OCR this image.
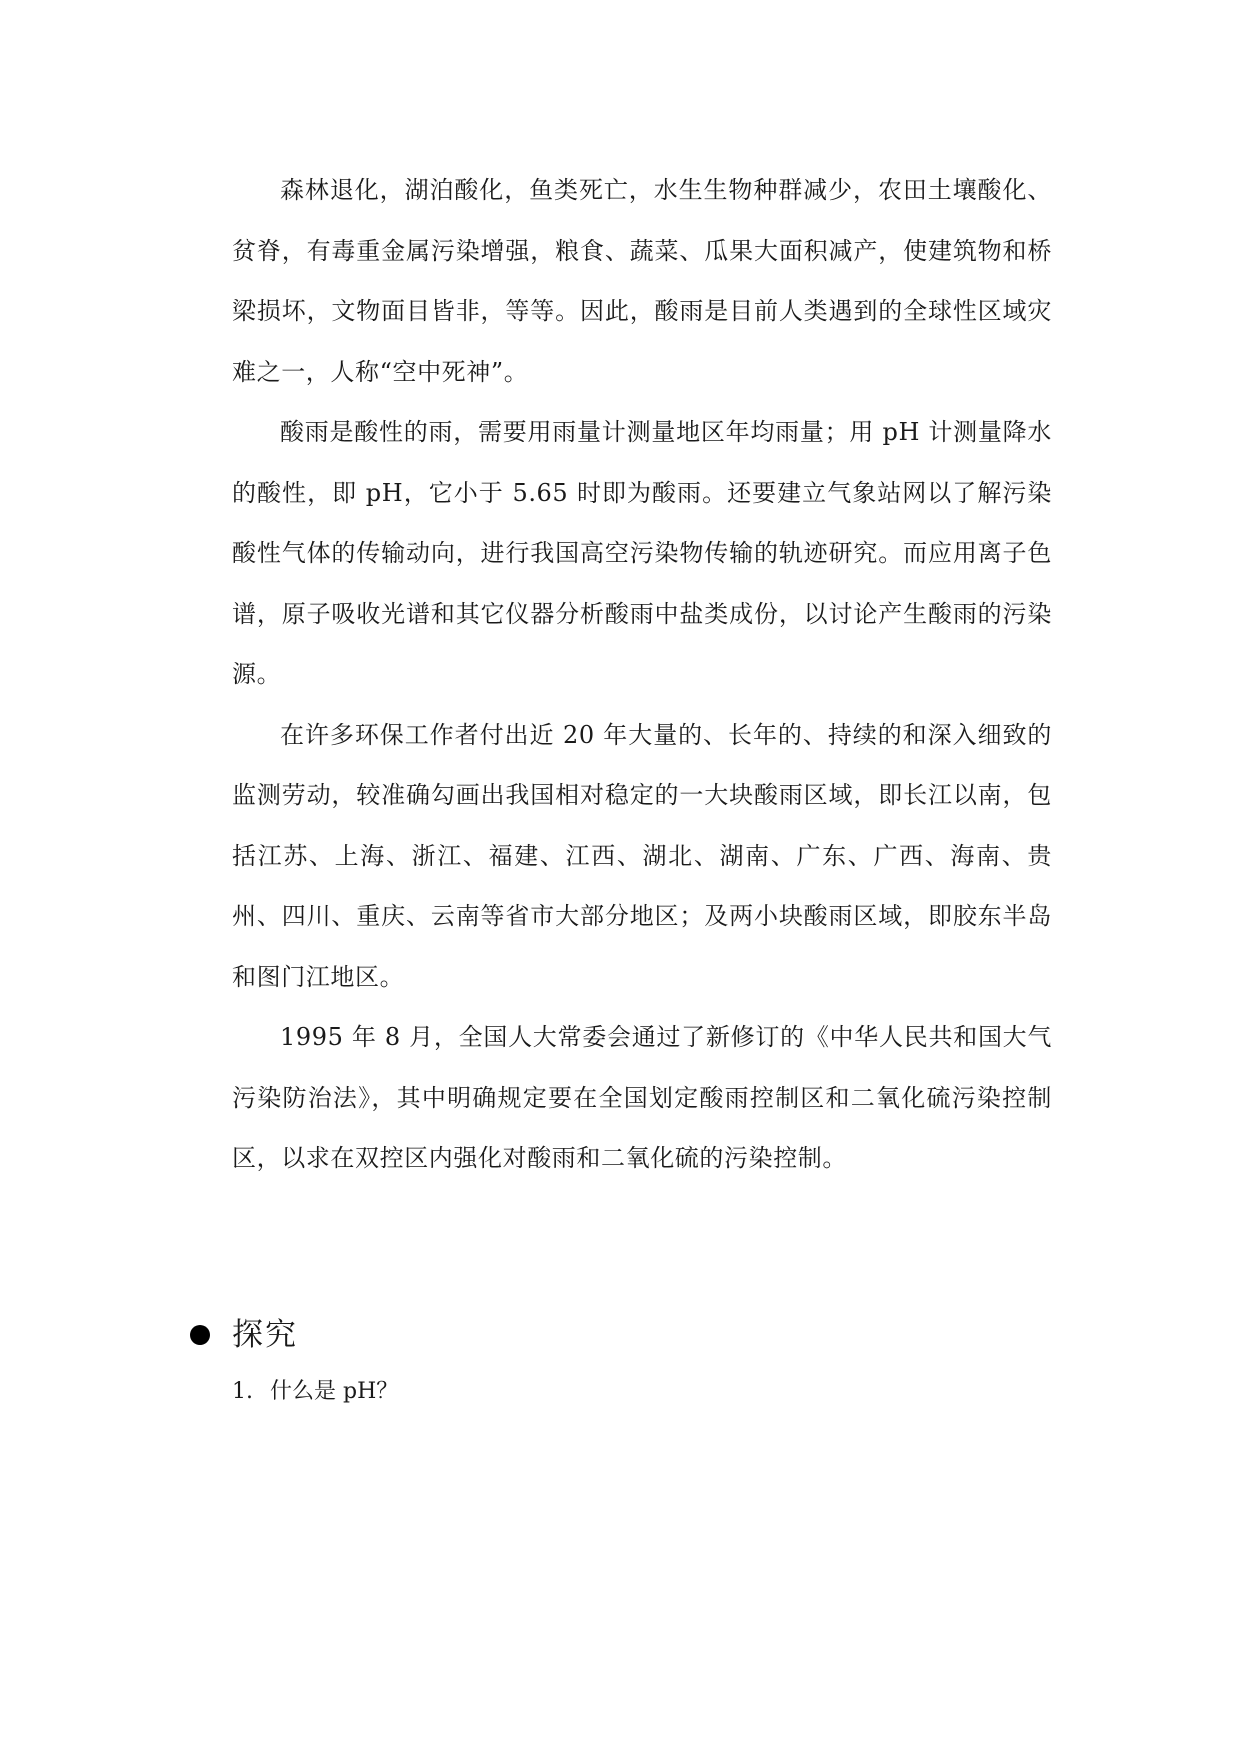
森林退化，湖泊酸化，鱼类死亡，水生生物种群减少，农田土壤酸化、贫脊，有毒重金属污染增强，粮食、蔬菜、瓜果大面积减产，使建筑物和桥梁损坏，文物面目皆非，等等。因此，酸雨是目前人类遇到的全球性区域灾难之一，人称“空中死神”。

酸雨是酸性的雨，需要用雨量计测量地区年均雨量；用 pH 计测量降水的酸性，即 pH，它小于 5.65 时即为酸雨。还要建立气象站网以了解污染酸性气体的传输动向，进行我国高空污染物传输的轨迹研究。而应用离子色谱，原子吸收光谱和其它仪器分析酸雨中盐类成份，以讨论产生酸雨的污染源。

在许多环保工作者付出近 20 年大量的、长年的、持续的和深入细致的监测劳动，较准确勾画出我国相对稳定的一大块酸雨区域，即长江以南，包括江苏、上海、浙江、福建、江西、湖北、湖南、广东、广西、海南、贵州、四川、重庆、云南等省市大部分地区；及两小块酸雨区域，即胶东半岛和图门江地区。

1995 年 8 月，全国人大常委会通过了新修订的《中华人民共和国大气污染防治法》，其中明确规定要在全国划定酸雨控制区和二氧化硫污染控制区，以求在双控区内强化对酸雨和二氧化硫的污染控制。

探究
1. 什么是 pH？
